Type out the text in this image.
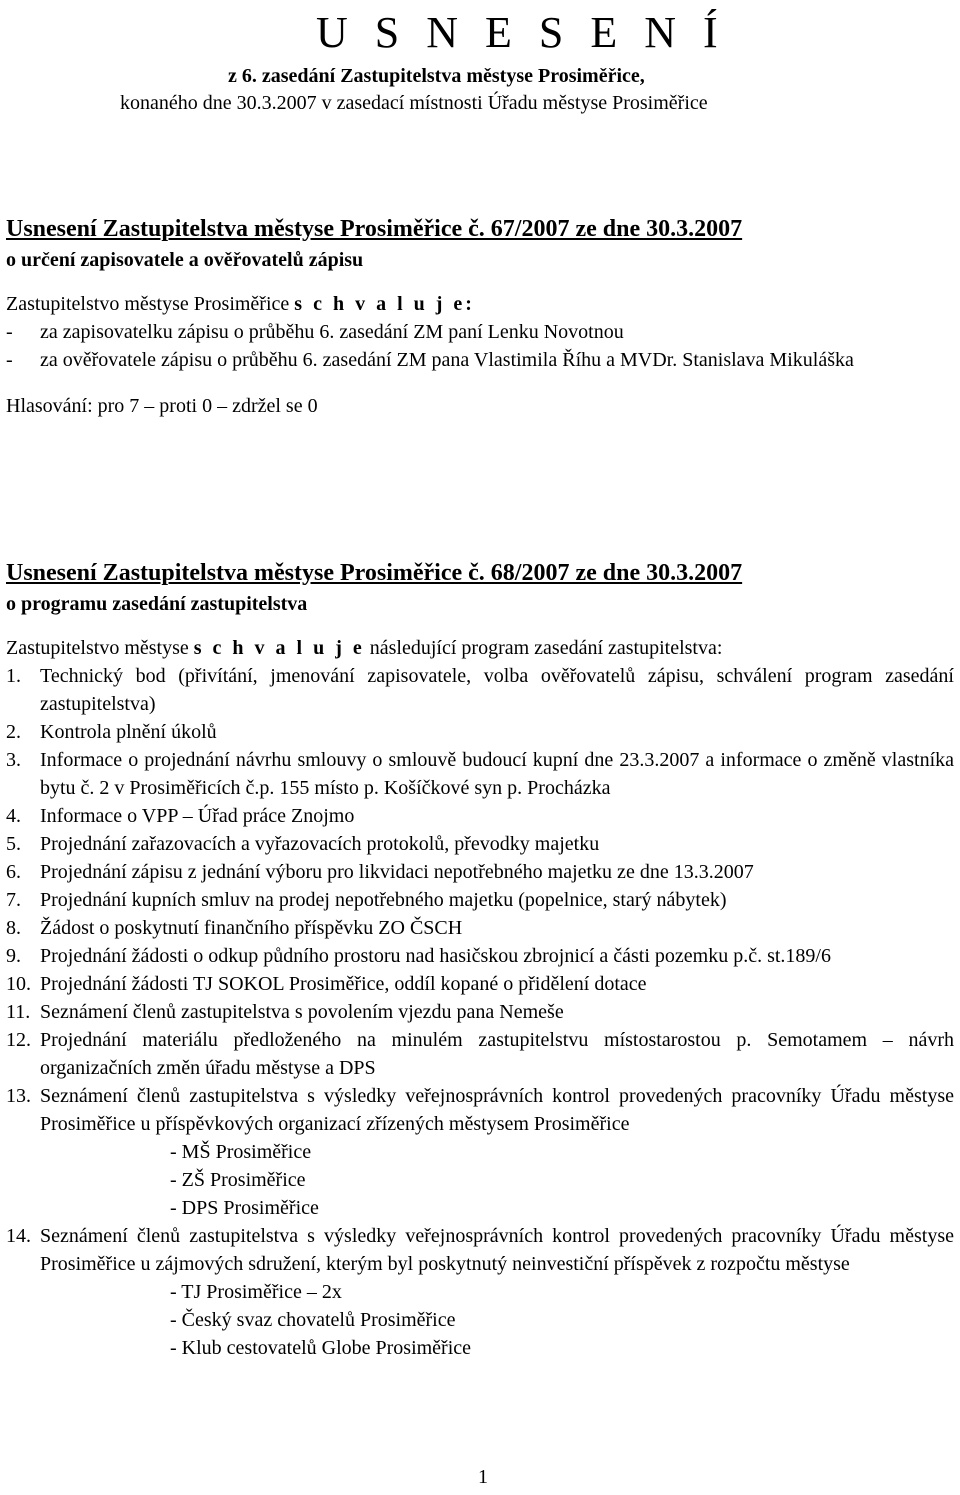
U S N E S E N Í
z 6. zasedání Zastupitelstva městyse Prosiměřice,
konaného dne 30.3.2007 v zasedací místnosti Úřadu městyse Prosiměřice
Usnesení Zastupitelstva městyse Prosiměřice č. 67/2007 ze dne 30.3.2007
o určení zapisovatele a ověřovatelů zápisu
Zastupitelstvo městyse Prosiměřice s c h v a l u j e:
- za zapisovatelku zápisu o průběhu 6. zasedání ZM paní Lenku Novotnou
- za ověřovatele zápisu o průběhu 6. zasedání ZM pana Vlastimila Říhu a MVDr. Stanislava Mikuláška
Hlasování: pro 7 – proti 0 – zdržel se 0
Usnesení Zastupitelstva městyse Prosiměřice č. 68/2007 ze dne 30.3.2007
o programu zasedání zastupitelstva
Zastupitelstvo městyse s c h v a l u j e následující program zasedání zastupitelstva:
1. Technický bod (přivítání, jmenování zapisovatele, volba ověřovatelů zápisu, schválení program zasedání zastupitelstva)
2. Kontrola plnění úkolů
3. Informace o projednání návrhu smlouvy o smlouvě budoucí kupní dne 23.3.2007 a informace o změně vlastníka bytu č. 2 v Prosiměřicích č.p. 155 místo p. Košíčkové syn p. Procházka
4. Informace o VPP – Úřad práce Znojmo
5. Projednání zařazovacích a vyřazovacích protokolů, převodky majetku
6. Projednání zápisu z jednání výboru pro likvidaci nepotřebného majetku ze dne 13.3.2007
7. Projednání kupních smluv na prodej nepotřebného majetku (popelnice, starý nábytek)
8. Žádost o poskytnutí finančního příspěvku ZO ČSCH
9. Projednání žádosti o odkup půdního prostoru nad hasičskou zbrojnicí a části pozemku p.č. st.189/6
10. Projednání žádosti TJ SOKOL Prosiměřice, oddíl kopané o přidělení dotace
11. Seznámení členů zastupitelstva s povolením vjezdu pana Nemeše
12. Projednání materiálu předloženého na minulém zastupitelstvu místostarostou p. Semotamem – návrh organizačních změn úřadu městyse a DPS
13. Seznámení členů zastupitelstva s výsledky veřejnosprávních kontrol provedených pracovníky Úřadu městyse Prosiměřice u příspěvkových organizací zřízených městysem Prosiměřice
- MŠ Prosiměřice
- ZŠ Prosiměřice
- DPS Prosiměřice
14. Seznámení členů zastupitelstva s výsledky veřejnosprávních kontrol provedených pracovníky Úřadu městyse Prosiměřice u zájmových sdružení, kterým byl poskytnutý neinvestiční příspěvek z rozpočtu městyse
- TJ Prosiměřice – 2x
- Český svaz chovatelů Prosiměřice
- Klub cestovatelů Globe Prosiměřice
1
